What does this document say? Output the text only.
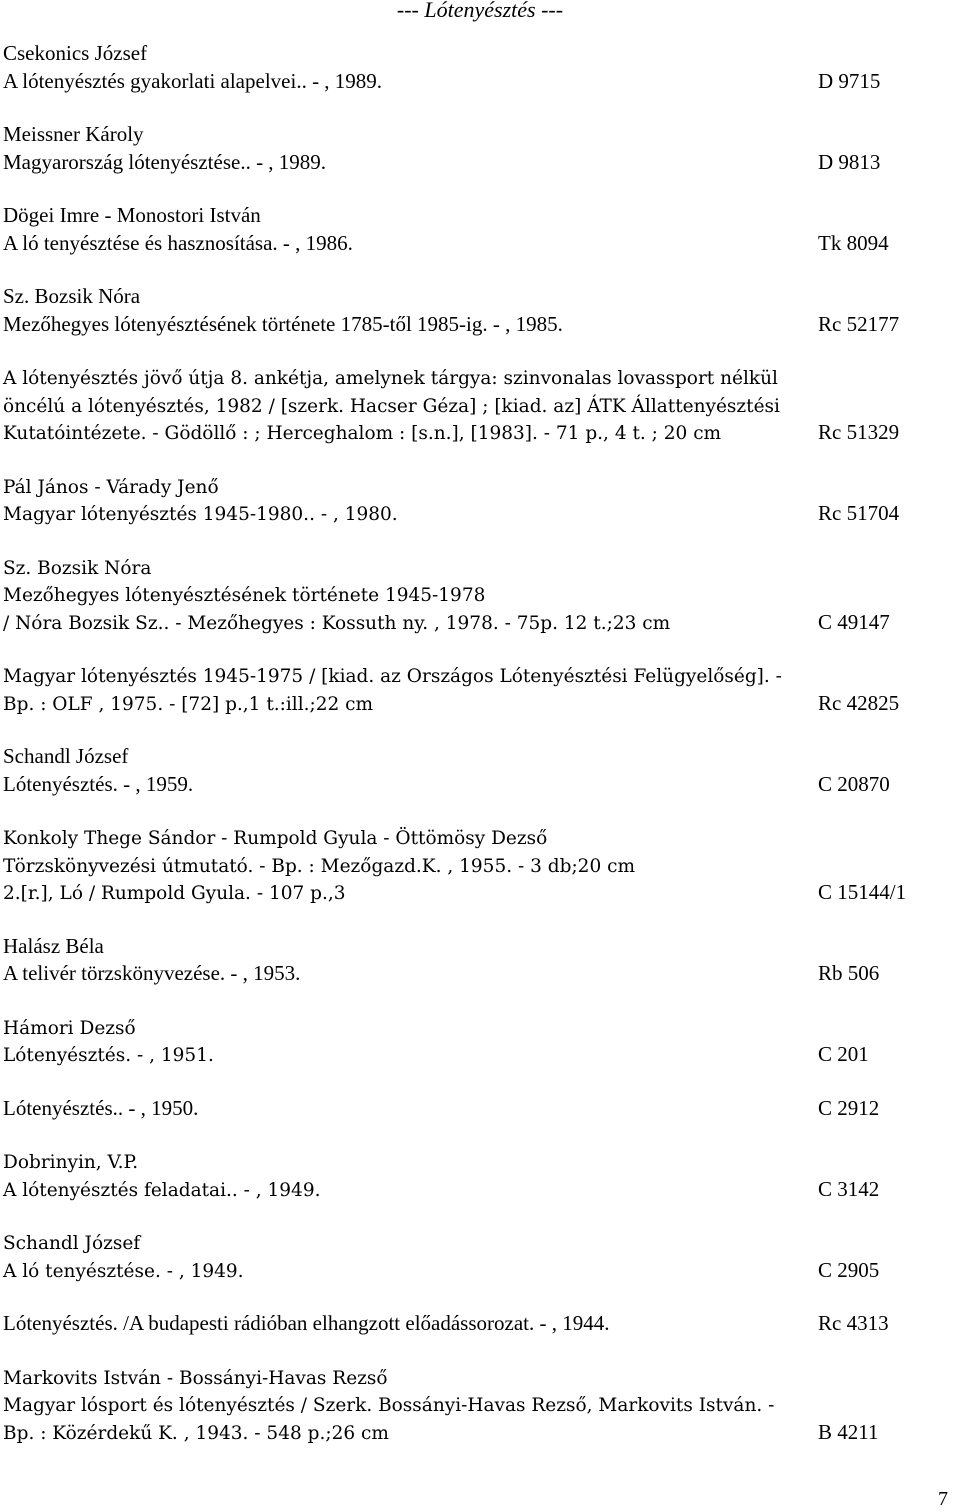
--- Lótenyésztés ---
Csekonics József
A lótenyésztés gyakorlati alapelvei.. - , 1989.	D 9715
Meissner Károly
Magyarország lótenyésztése.. - , 1989.	D 9813
Dögei Imre - Monostori István
A ló tenyésztése és hasznosítása. - , 1986.	Tk 8094
Sz. Bozsik Nóra
Mezőhegyes lótenyésztésének története 1785-től 1985-ig. - , 1985.	Rc 52177
A lótenyésztés jövő útja 8. ankétja, amelynek tárgya: szinvonalas lovassport nélkül
öncélú a lótenyésztés, 1982 / [szerk. Hacser Géza] ; [kiad. az] ÁTK Állattenyésztési
Kutatóintézete. - Gödöllő : ; Herceghalom : [s.n.], [1983]. - 71 p., 4 t. ; 20 cm	Rc 51329
Pál János - Várady Jenő
Magyar lótenyésztés 1945-1980.. - , 1980.	Rc 51704
Sz. Bozsik Nóra
Mezőhegyes lótenyésztésének története 1945-1978
/ Nóra Bozsik Sz.. - Mezőhegyes : Kossuth ny. , 1978. - 75p. 12 t.;23 cm	C 49147
Magyar lótenyésztés 1945-1975 / [kiad. az Országos Lótenyésztési Felügyelőség]. -
Bp. : OLF , 1975. - [72] p.,1 t.:ill.;22 cm	Rc 42825
Schandl József
Lótenyésztés. - , 1959.	C 20870
Konkoly Thege Sándor - Rumpold Gyula - Öttömösy Dezső
Törzskönyvezési útmutató. - Bp. : Mezőgazd.K. , 1955. - 3 db;20 cm
2.[r.], Ló / Rumpold Gyula. - 107 p.,3	C 15144/1
Halász Béla
A telivér törzskönyvezése. - , 1953.	Rb 506
Hámori Dezső
Lótenyésztés. - , 1951.	C 201
Lótenyésztés.. - , 1950.	C 2912
Dobrinyin, V.P.
A lótenyésztés feladatai.. - , 1949.	C 3142
Schandl József
A ló tenyésztése. - , 1949.	C 2905
Lótenyésztés. /A budapesti rádióban elhangzott előadássorozat. - , 1944.	Rc 4313
Markovits István - Bossányi-Havas Rezső
Magyar lósport és lótenyésztés / Szerk. Bossányi-Havas Rezső, Markovits István. -
Bp. : Közérdekű K. , 1943. - 548 p.;26 cm	B 4211
7
